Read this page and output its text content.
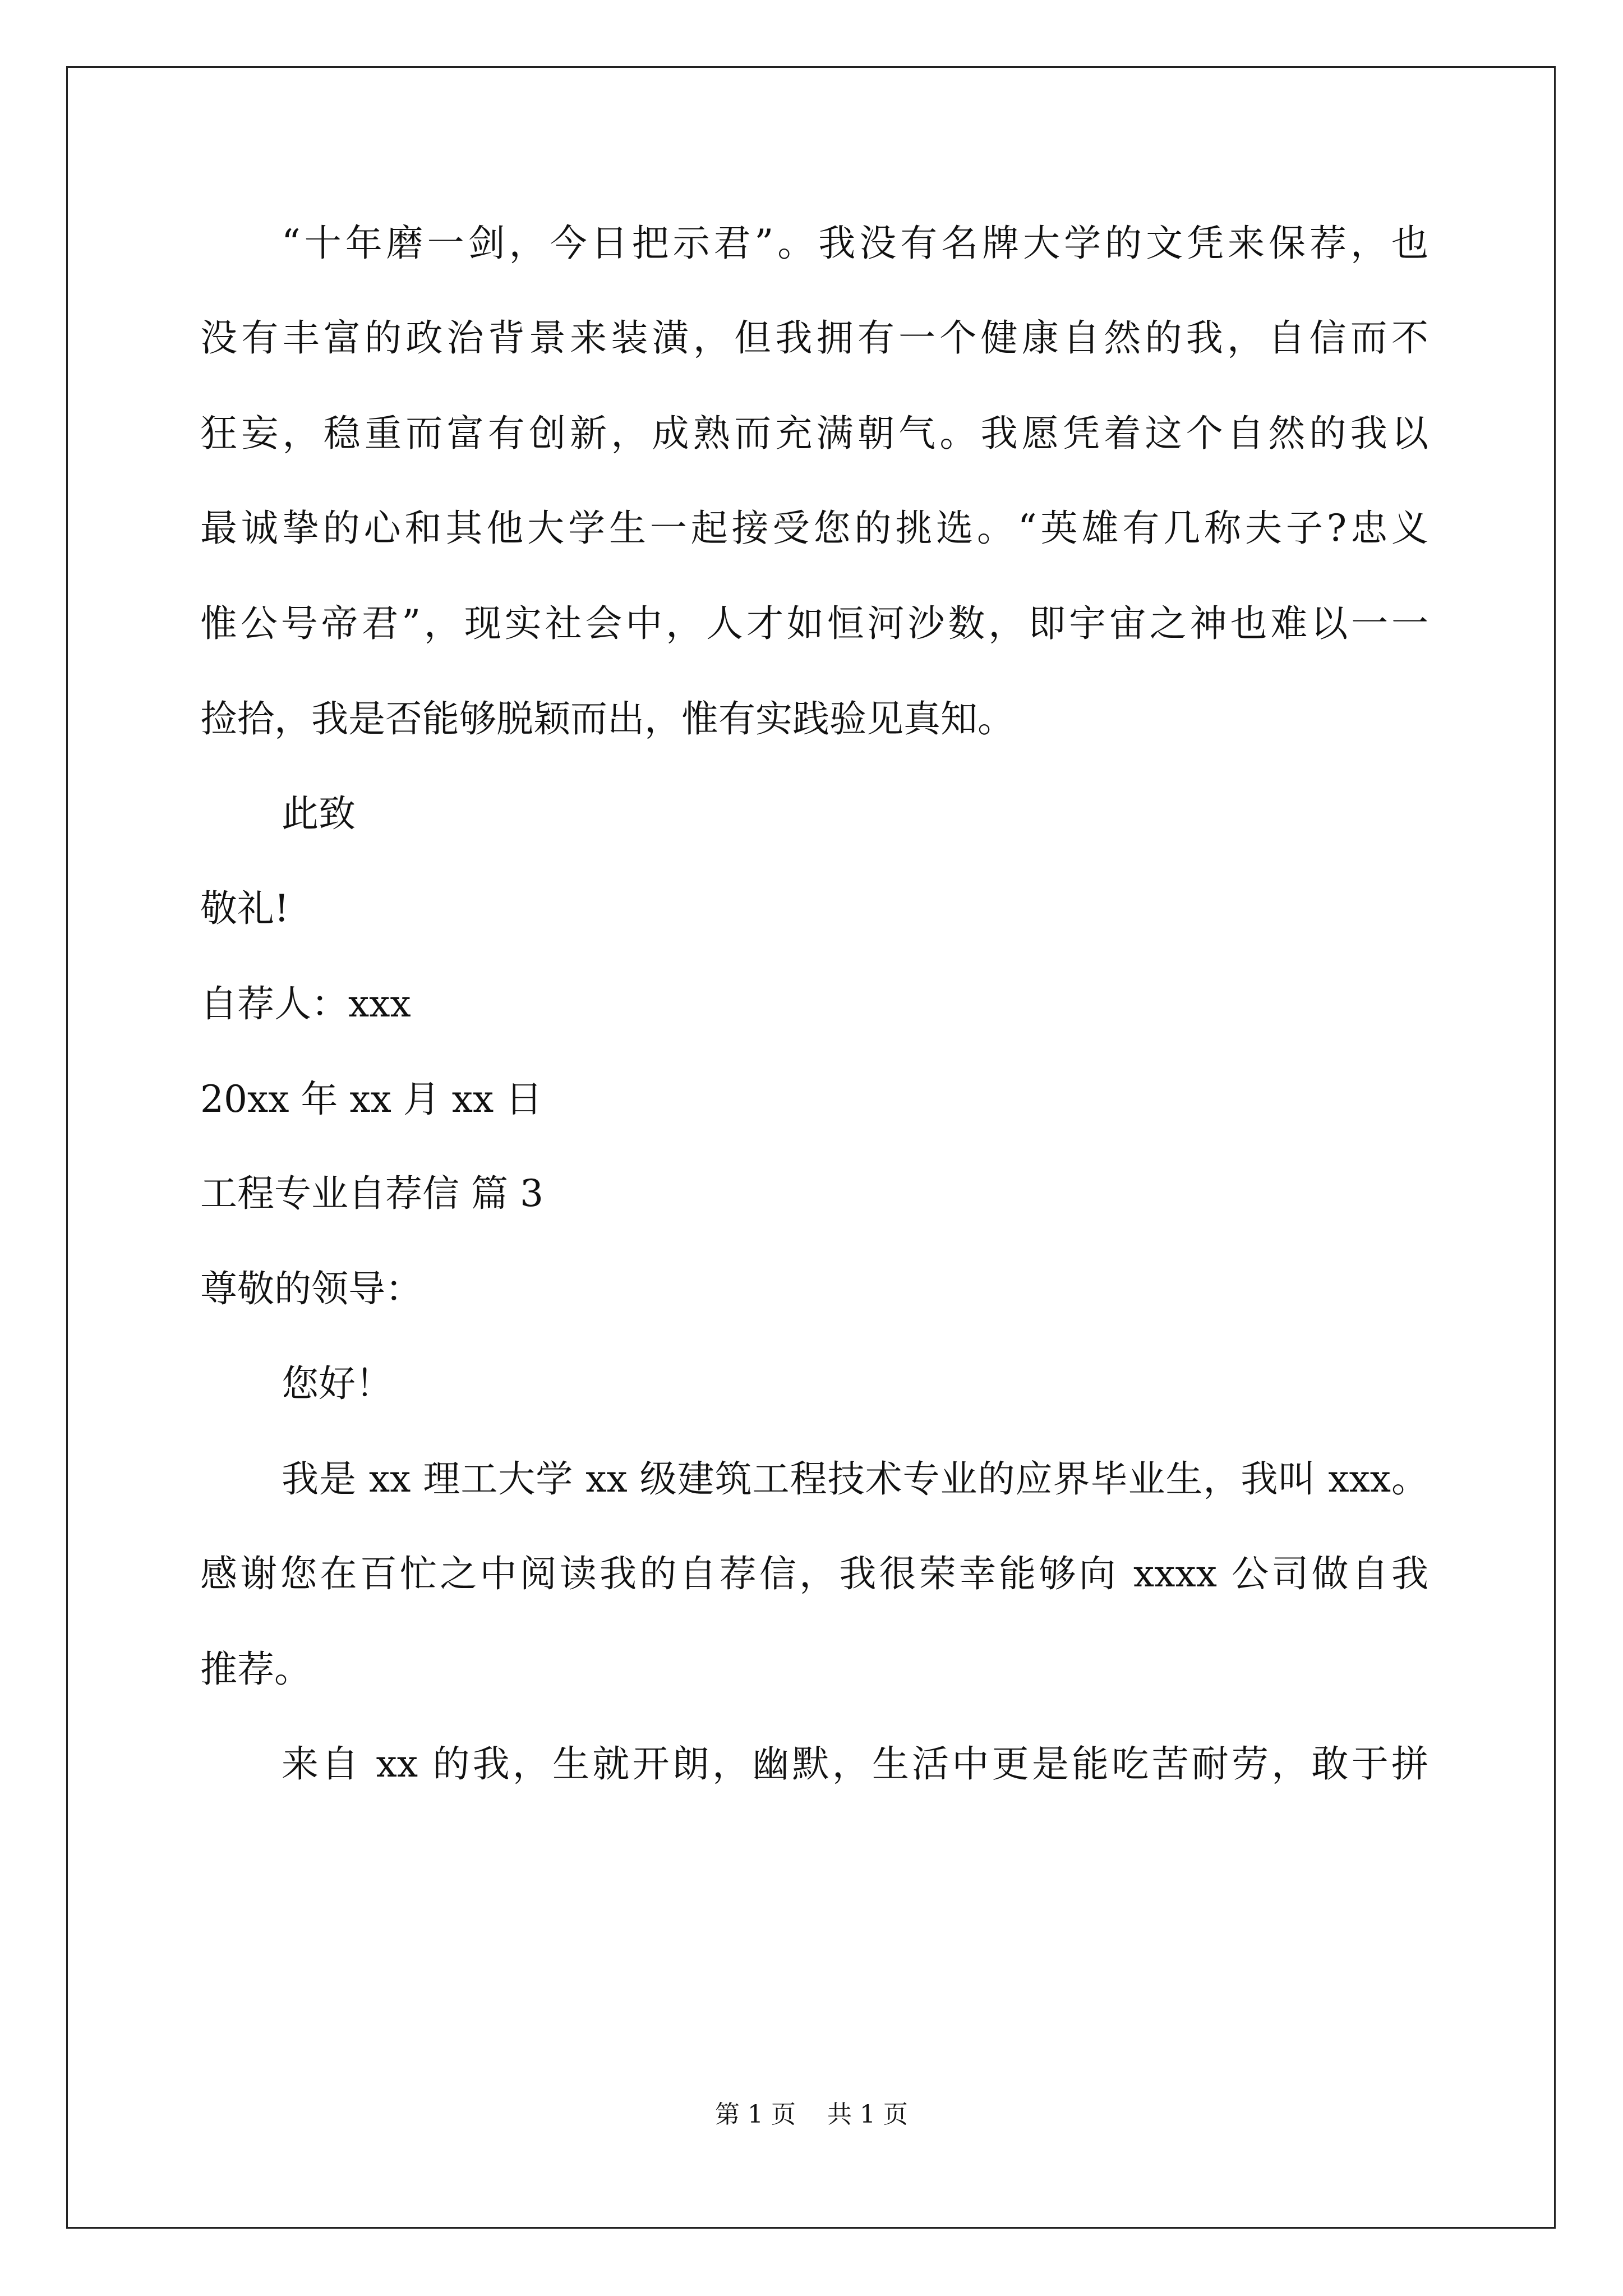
“十年磨一剑，今日把示君”。我没有名牌大学的文凭来保荐，也
没有丰富的政治背景来装潢，但我拥有一个健康自然的我，自信而不
狂妄，稳重而富有创新，成熟而充满朝气。我愿凭着这个自然的我以
最诚挚的心和其他大学生一起接受您的挑选。“英雄有几称夫子?忠义
惟公号帝君”，现实社会中，人才如恒河沙数，即宇宙之神也难以一一
捡拾，我是否能够脱颖而出，惟有实践验见真知。
此致
敬礼!
自荐人：xxx
20xx 年 xx 月 xx 日
工程专业自荐信 篇 3
尊敬的领导：
您好！
我是 xx 理工大学 xx 级建筑工程技术专业的应界毕业生，我叫 xxx。
感谢您在百忙之中阅读我的自荐信，我很荣幸能够向 xxxx 公司做自我
推荐。
来自 xx 的我，生就开朗，幽默，生活中更是能吃苦耐劳，敢于拼
第 1 页    共 1 页
